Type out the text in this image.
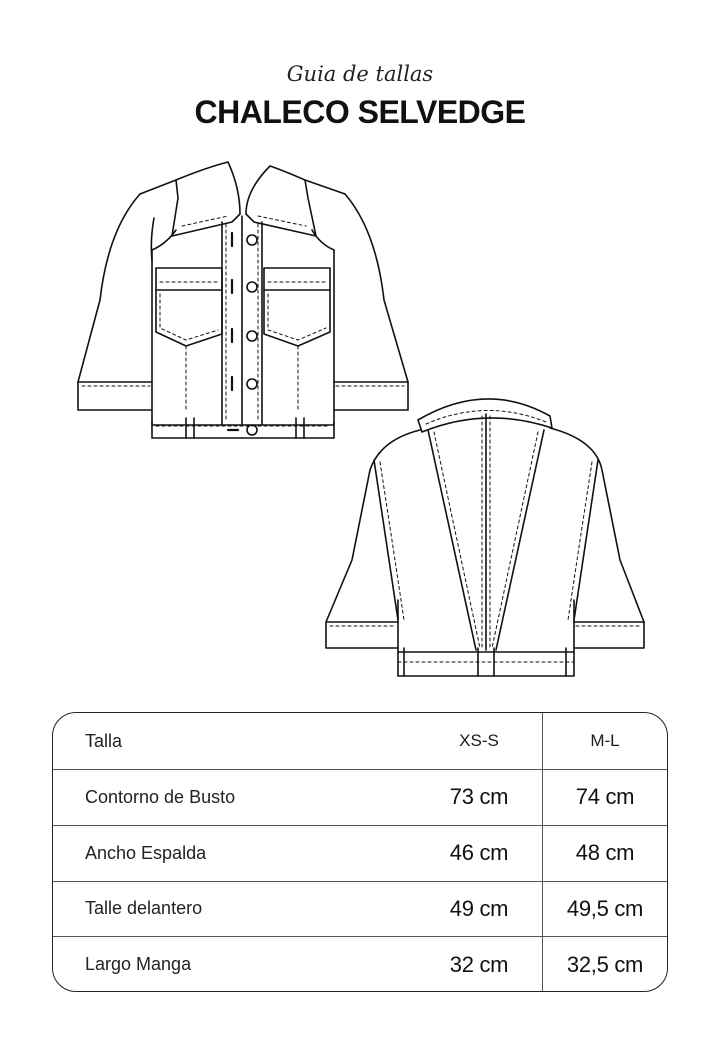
Guia de tallas
CHALECO SELVEDGE
Talla	XS-S	M-L
Contorno de Busto	73 cm	74 cm
Ancho Espalda	46 cm	48 cm
Talle delantero	49 cm	49,5 cm
Largo Manga	32 cm	32,5 cm
